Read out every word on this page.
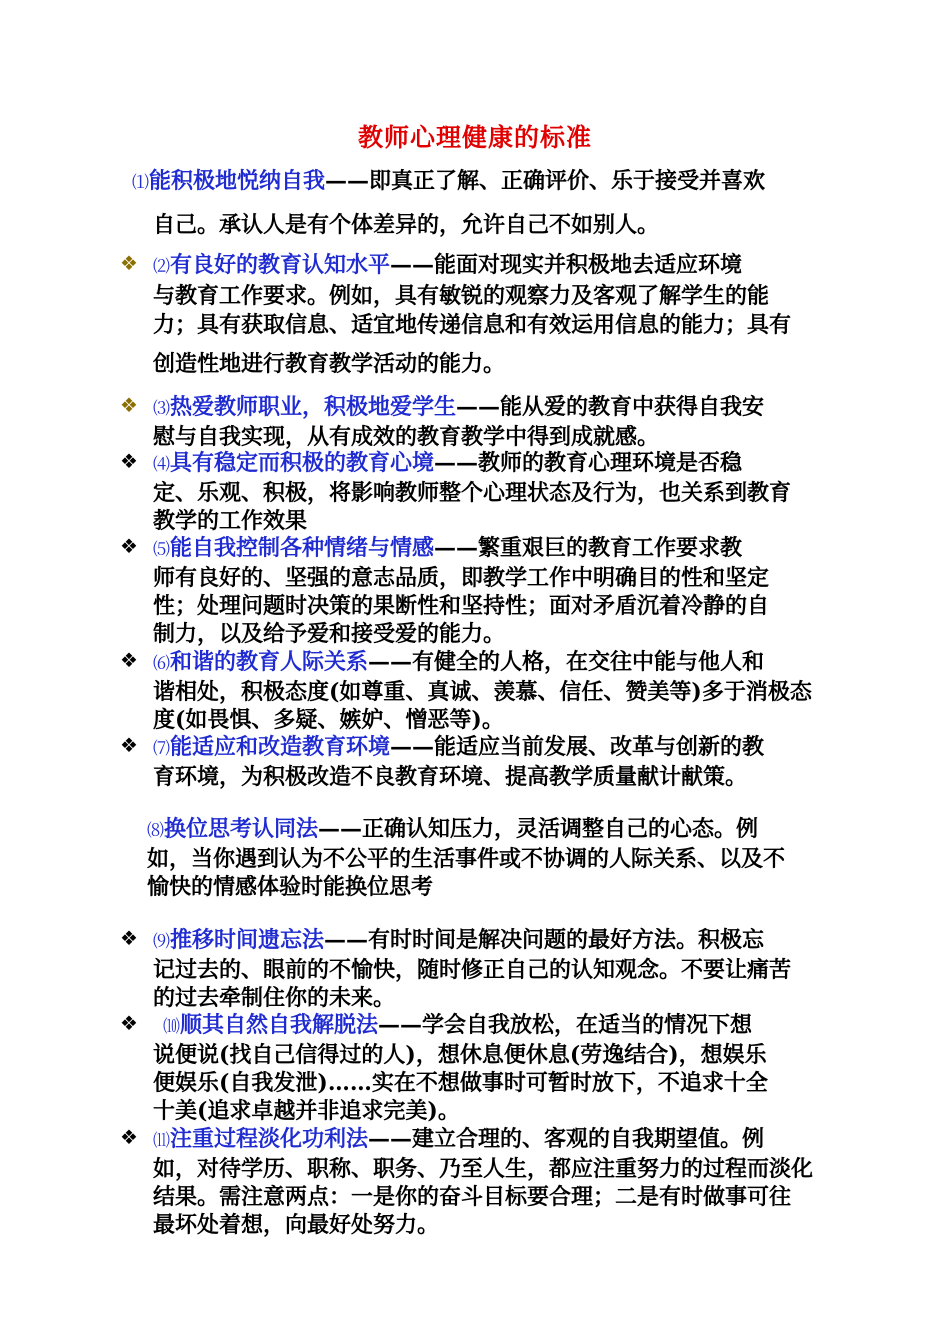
教师心理健康的标准
⑴能积极地悦纳自我——即真正了解、正确评价、乐于接受并喜欢
自己。承认人是有个体差异的，允许自己不如别人。
❖ ⑵有良好的教育认知水平——能面对现实并积极地去适应环境
与教育工作要求。例如，具有敏锐的观察力及客观了解学生的能
力；具有获取信息、适宜地传递信息和有效运用信息的能力；具有
创造性地进行教育教学活动的能力。
❖ ⑶热爱教师职业，积极地爱学生——能从爱的教育中获得自我安
慰与自我实现，从有成效的教育教学中得到成就感。
❖ ⑷具有稳定而积极的教育心境——教师的教育心理环境是否稳
定、乐观、积极，将影响教师整个心理状态及行为，也关系到教育
教学的工作效果
❖ ⑸能自我控制各种情绪与情感——繁重艰巨的教育工作要求教
师有良好的、坚强的意志品质，即教学工作中明确目的性和坚定
性；处理问题时决策的果断性和坚持性；面对矛盾沉着冷静的自
制力，以及给予爱和接受爱的能力。
❖ ⑹和谐的教育人际关系——有健全的人格，在交往中能与他人和
谐相处，积极态度(如尊重、真诚、羡慕、信任、赞美等)多于消极态
度(如畏惧、多疑、嫉妒、憎恶等)。
❖ ⑺能适应和改造教育环境——能适应当前发展、改革与创新的教
育环境，为积极改造不良教育环境、提高教学质量献计献策。
⑻换位思考认同法——正确认知压力，灵活调整自己的心态。例
如，当你遇到认为不公平的生活事件或不协调的人际关系、以及不
愉快的情感体验时能换位思考
❖ ⑼推移时间遗忘法——有时时间是解决问题的最好方法。积极忘
记过去的、眼前的不愉快，随时修正自己的认知观念。不要让痛苦
的过去牵制住你的未来。
❖	⑽顺其自然自我解脱法——学会自我放松，在适当的情况下想
说便说(找自己信得过的人)，想休息便休息(劳逸结合)，想娱乐
便娱乐(自我发泄)……实在不想做事时可暂时放下，不追求十全
十美(追求卓越并非追求完美)。
❖ ⑾注重过程淡化功利法——建立合理的、客观的自我期望值。例
如，对待学历、职称、职务、乃至人生，都应注重努力的过程而淡化
结果。需注意两点：一是你的奋斗目标要合理；二是有时做事可往
最坏处着想，向最好处努力。
